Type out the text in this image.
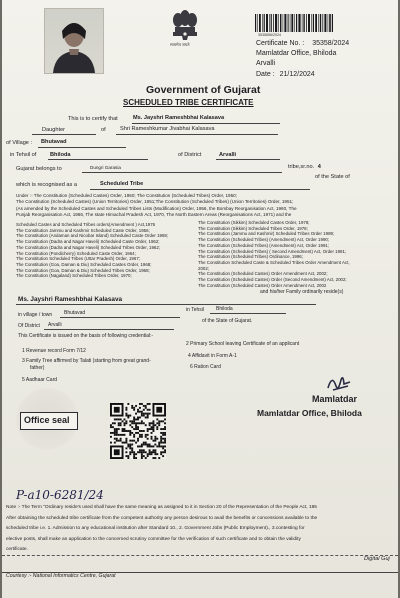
सत्यमेव जयते
3535856/2024
Certificate No. : 35358/2024
Mamlatdar Office, Bhiloda
Arvalli
Date : 21/12/2024
Government of Gujarat
SCHEDULED TRIBE CERTIFICATE
This is to certify that	Ms. Jayshri Rameshbhai Kalasava
Daughter	of	Shri Rameshkumar Jivabhai Kalasava
of Village : Bhutavad
in Tehsil of Bhiloda	of District	Arvalli
Gujarat belongs to	Dungri Garasia	tribe,sr.no. 4
of the State of
which is recognised as a	Scheduled Tribe
Under :- The Constitution (Scheduled Castes) Order, 1950; The Constitution (Scheduled Tribes) Order, 1950;
The Constitution (Scheduled Castes) (Union Territories) Order, 1951;The Constitution (Scheduled Tribes) (Union Territories) Order, 1951;
(As amended by the Scheduled Castes and Scheduled Tribes Lists (Modification) Order, 1956, the Bombay Reorganisation Act, 1960, The
Punjab Reorganisation Act, 1966, The state Himachal Pradesh Act, 1970, The North Eastern Areas (Reorganisations Act, 1971) and the
Scheduled Castes and Scheduled Tribes orders(Amendment ) Act,1976
The Constitution Jammu and Kashmir Scheduled Caste Order, 1956;
The Constitution (Andaman and Nicobar Island) Scheduled Caste Order 1959;
The Constitution (Dadra and Nagar Haveli) Scheduled Caste Order, 1962;
The Constitution (Dadra and Nagar Haveli) Scheduled Tribes Order, 1962;
The Constitution (Pondicherry) Scheduled Caste Order, 1964;
The Constitution Scheduled Tribes (Uttar Pradesh) Order, 1967;
The Constitution (Goa, Daman & Diu) Scheduled Castes Order, 1968;
The Constitution (Goa, Daman & Diu) Scheduled Tribes Order, 1968;
The Constitution (Nagaland) Scheduled Tribes Order, 1970;
The Constitution (Sikkim) Scheduled Castes Order, 1978;
The Constitution (Sikkim) Scheduled Tribes Order, 1978;
The Constitution (Jammu and Kashmir) Scheduled Tribes Order 1989;
The Constitution (Scheduled Tribes) (Amendment) Act, Order 1990;
The Constitution (Scheduled Tribes) (Amendment) Act, Order 1991;
The Constitution (Scheduled Tribes) ( Second Amendment) Act, Order 1991;
The Constitution (Scheduled Tribes) Ordinance, 1996;
The Constitution Scheduled Caste & Scheduled Tribes Order Amendment Act,
2002;
The Constitution (Scheduled Castes) Order Amendment Act, 2002;
The Constitution (Scheduled Castes) Order (Second Amendment) Act, 2002;
The Constitution (Scheduled Castes) Order Amendment Act, 2002
and his/her Family ordinarily reside(s)
Ms. Jayshri Rameshbhai Kalasava
in village / town Bhutavad	in Tehsil Bhiloda
Of District Arvalli
of the State of Gujarat.
This Certificate is issued on the basis of following credential:-
1 Revenue record Form 7/12
2 Primary School leaving Certificate of an applicant
3 Family Tree affirmed by Talati (starting from great grand-
father)
4 Affidavit in Form A-1
5 Aadhaar Card
6 Ration Card
Office seal
Mamlatdar
Mamlatdar Office, Bhiloda
P-a10-6281/24
Note :- The Term "Ordinary reside's used shall have the same meaning as assigned to it in Section 20 of the Representation of the People Act, 195
After obtaining the scheduled tribe certificate from the competent authority any person desirous to avail the benefits or concessions available to the
scheduled tribe i.e. 1. Admission to any educational institution after Standard 10., 2. Government Jobs (Public Employment)., 3.contesting for
elective posts, shall make an application to the concerned scrutiny committee for the verification of such certificate and to obtain the validity
certificate.
Courtesy :- National Informatics Centre, Gujarat
Digital Guj
